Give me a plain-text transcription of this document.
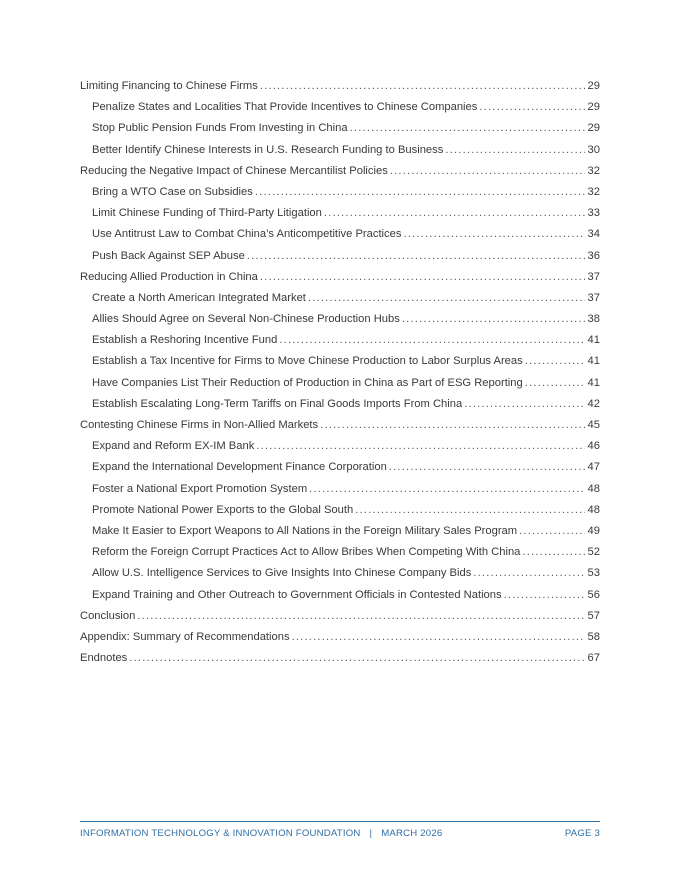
Limiting Financing to Chinese Firms .....	29
Penalize States and Localities That Provide Incentives to Chinese Companies .....	29
Stop Public Pension Funds From Investing in China .....	29
Better Identify Chinese Interests in U.S. Research Funding to Business .....	30
Reducing the Negative Impact of Chinese Mercantilist Policies .....	32
Bring a WTO Case on Subsidies .....	32
Limit Chinese Funding of Third-Party Litigation .....	33
Use Antitrust Law to Combat China’s Anticompetitive Practices .....	34
Push Back Against SEP Abuse .....	36
Reducing Allied Production in China .....	37
Create a North American Integrated Market .....	37
Allies Should Agree on Several Non-Chinese Production Hubs .....	38
Establish a Reshoring Incentive Fund .....	41
Establish a Tax Incentive for Firms to Move Chinese Production to Labor Surplus Areas .....	41
Have Companies List Their Reduction of Production in China as Part of ESG Reporting .....	41
Establish Escalating Long-Term Tariffs on Final Goods Imports From China .....	42
Contesting Chinese Firms in Non-Allied Markets .....	45
Expand and Reform EX-IM Bank .....	46
Expand the International Development Finance Corporation .....	47
Foster a National Export Promotion System .....	48
Promote National Power Exports to the Global South .....	48
Make It Easier to Export Weapons to All Nations in the Foreign Military Sales Program .....	49
Reform the Foreign Corrupt Practices Act to Allow Bribes When Competing With China .....	52
Allow U.S. Intelligence Services to Give Insights Into Chinese Company Bids .....	53
Expand Training and Other Outreach to Government Officials in Contested Nations .....	56
Conclusion .....	57
Appendix: Summary of Recommendations .....	58
Endnotes .....	67
INFORMATION TECHNOLOGY & INNOVATION FOUNDATION | MARCH 2026	PAGE 3
